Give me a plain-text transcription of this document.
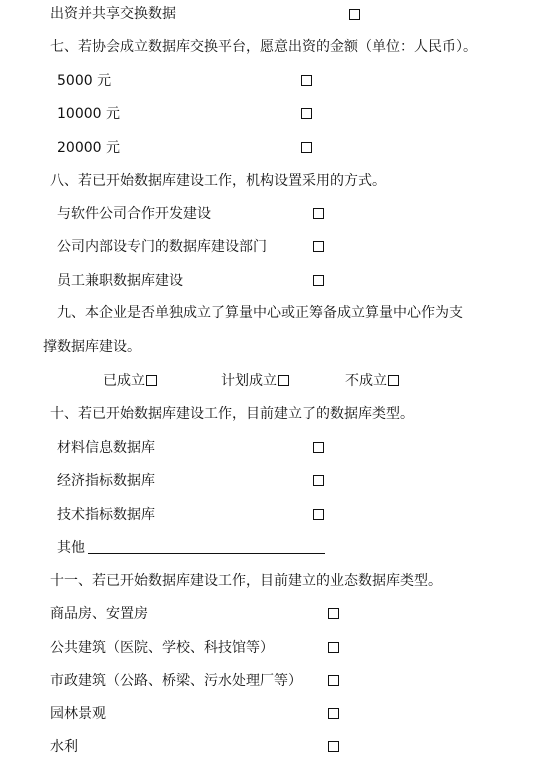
出资并共享交换数据
七、若协会成立数据库交换平台，愿意出资的金额（单位：人民币）。
5000 元
10000 元
20000 元
八、若已开始数据库建设工作，机构设置采用的方式。
与软件公司合作开发建设
公司内部设专门的数据库建设部门
员工兼职数据库建设
九、本企业是否单独成立了算量中心或正筹备成立算量中心作为支
撑数据库建设。
已成立	计划成立	不成立
十、若已开始数据库建设工作，目前建立了的数据库类型。
材料信息数据库
经济指标数据库
技术指标数据库
其他
十一、若已开始数据库建设工作，目前建立的业态数据库类型。
商品房、安置房
公共建筑（医院、学校、科技馆等）
市政建筑（公路、桥梁、污水处理厂等）
园林景观
水利
